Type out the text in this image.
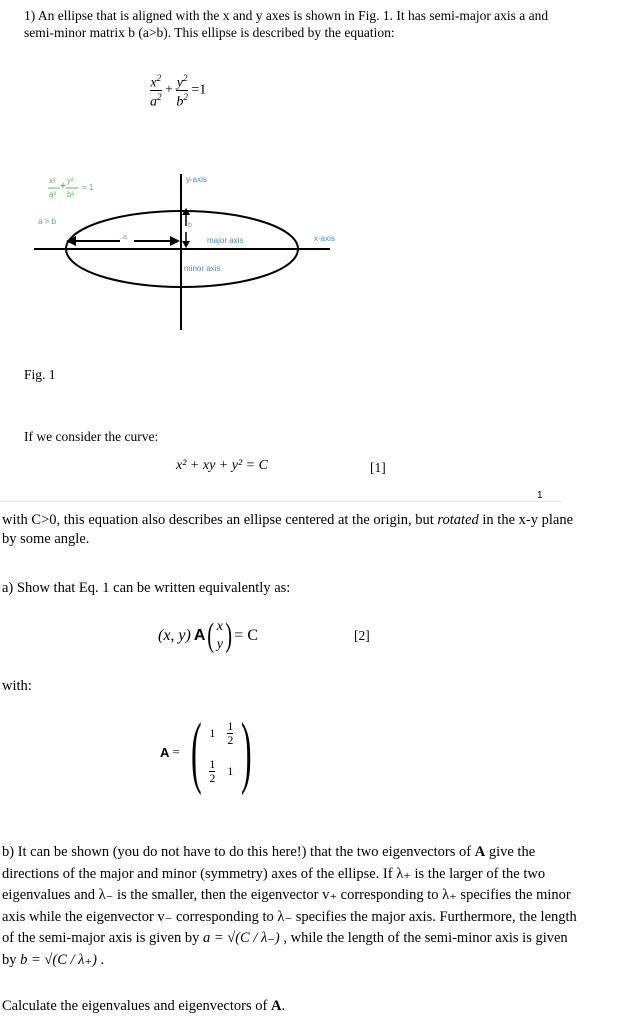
1) An ellipse that is aligned with the x and y axes is shown in Fig. 1. It has semi-major axis a and
semi-minor matrix b (a>b). This ellipse is described by the equation:
$\frac{x^2}{a^2} + \frac{y^2}{b^2} =1$
x²
a²
+
y²
b²
= 1
a > b
y-axis
x-axis
major axis
minor axis
a
b
Fig. 1
If we consider the curve:
x² + xy + y² = C	[1]
1
with C>0, this equation also describes an ellipse centered at the origin, but rotated in the x-y plane
by some angle.
a) Show that Eq. 1 can be written equivalently as:
(x, y) A ( x
y ) = C	[2]
with:
A = ( 1	$\frac{1}{2}$

$\frac{1}{2}$	1 )
b) It can be shown (you do not have to do this here!) that the two eigenvectors of A give the
directions of the major and minor (symmetry) axes of the ellipse. If λ₊ is the larger of the two
eigenvalues and λ₋ is the smaller, then the eigenvector v₊ corresponding to λ₊ specifies the minor
axis while the eigenvector v₋ corresponding to λ₋ specifies the major axis. Furthermore, the length
of the semi-major axis is given by a = √(C / λ₋) , while the length of the semi-minor axis is given
by b = √(C / λ₊) .
Calculate the eigenvalues and eigenvectors of A.
